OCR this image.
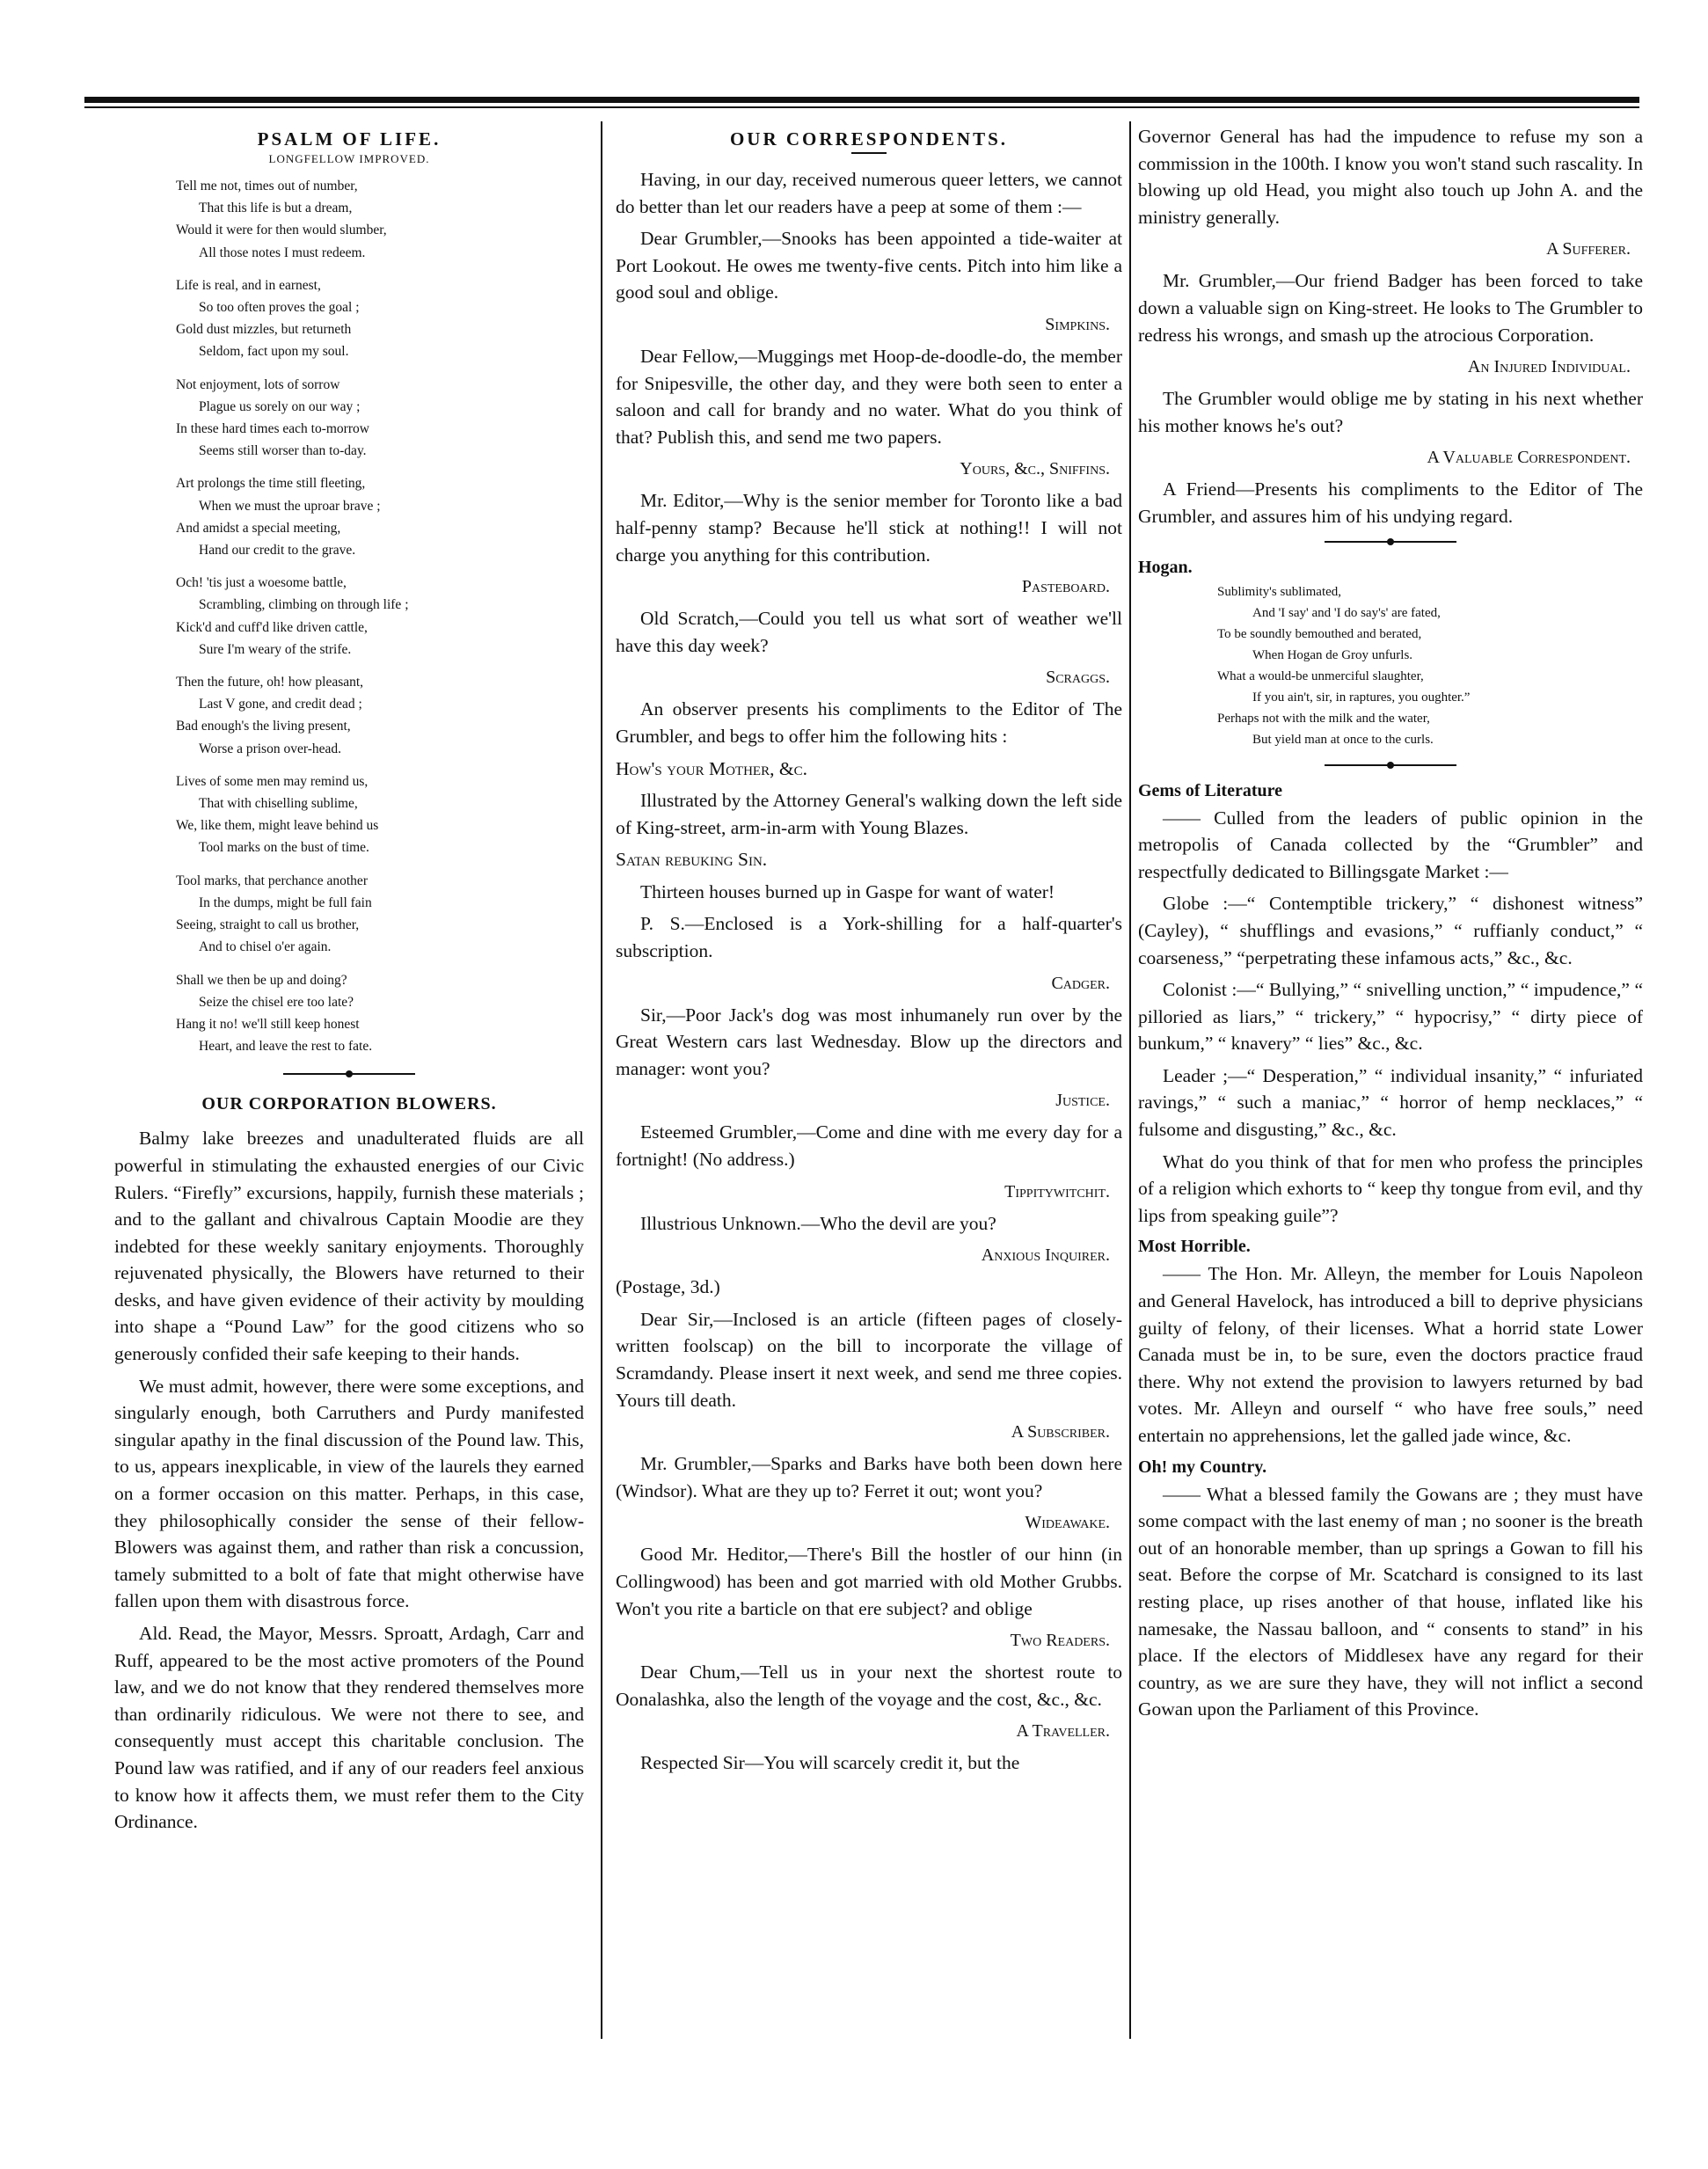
PSALM OF LIFE.
LONGFELLOW IMPROVED.
Tell me not, times out of number,
That this life is but a dream,
Would it were for then would slumber,
All those notes I must redeem.
Life is real, and in earnest,
So too often proves the goal ;
Gold dust mizzles, but returneth
Seldom, fact upon my soul.
Not enjoyment, lots of sorrow
Plague us sorely on our way ;
In these hard times each to-morrow
Seems still worser than to-day.
Art prolongs the time still fleeting,
When we must the uproar brave ;
And amidst a special meeting,
Hand our credit to the grave.
Och! 'tis just a woesome battle,
Scrambling, climbing on through life ;
Kick'd and cuff'd like driven cattle,
Sure I'm weary of the strife.
Then the future, oh! how pleasant,
Last V gone, and credit dead ;
Bad enough's the living present,
Worse a prison over-head.
Lives of some men may remind us,
That with chiselling sublime,
We, like them, might leave behind us
Tool marks on the bust of time.
Tool marks, that perchance another
In the dumps, might be full fain
Seeing, straight to call us brother,
And to chisel o'er again.
Shall we then be up and doing?
Seize the chisel ere too late?
Hang it no! we'll still keep honest
Heart, and leave the rest to fate.
OUR CORPORATION BLOWERS.

Balmy lake breezes and unadulterated fluids are all powerful in stimulating the exhausted energies of our Civic Rulers. “Firefly” excursions, happily, furnish these materials ; and to the gallant and chivalrous Captain Moodie are they indebted for these weekly sanitary enjoyments. Thoroughly rejuvenated physically, the Blowers have returned to their desks, and have given evidence of their activity by moulding into shape a “Pound Law” for the good citizens who so generously confided their safe keeping to their hands.

We must admit, however, there were some exceptions, and singularly enough, both Carruthers and Purdy manifested singular apathy in the final discussion of the Pound law. This, to us, appears inexplicable, in view of the laurels they earned on a former occasion on this matter. Perhaps, in this case, they philosophically consider the sense of their fellow-Blowers was against them, and rather than risk a concussion, tamely submitted to a bolt of fate that might otherwise have fallen upon them with disastrous force.

Ald. Read, the Mayor, Messrs. Sproatt, Ardagh, Carr and Ruff, appeared to be the most active promoters of the Pound law, and we do not know that they rendered themselves more than ordinarily ridiculous. We were not there to see, and consequently must accept this charitable conclusion. The Pound law was ratified, and if any of our readers feel anxious to know how it affects them, we must refer them to the City Ordinance.

OUR CORRESPONDENTS.

Having, in our day, received numerous queer letters, we cannot do better than let our readers have a peep at some of them :—

Dear Grumbler,—Snooks has been appointed a tide-waiter at Port Lookout. He owes me twenty-five cents. Pitch into him like a good soul and oblige.

Simpkins.

Dear Fellow,—Muggings met Hoop-de-doodle-do, the member for Snipesville, the other day, and they were both seen to enter a saloon and call for brandy and no water. What do you think of that? Publish this, and send me two papers.

Yours, &c., Sniffins.

Mr. Editor,—Why is the senior member for Toronto like a bad half-penny stamp? Because he'll stick at nothing!! I will not charge you anything for this contribution.

Pasteboard.

Old Scratch,—Could you tell us what sort of weather we'll have this day week?

Scraggs.

An observer presents his compliments to the Editor of The Grumbler, and begs to offer him the following hits :

How's your Mother, &c.

Illustrated by the Attorney General's walking down the left side of King-street, arm-in-arm with Young Blazes.

Satan rebuking Sin.

Thirteen houses burned up in Gaspe for want of water!

P. S.—Enclosed is a York-shilling for a half-quarter's subscription.

Cadger.

Sir,—Poor Jack's dog was most inhumanely run over by the Great Western cars last Wednesday. Blow up the directors and manager: wont you?

Justice.

Esteemed Grumbler,—Come and dine with me every day for a fortnight! (No address.)

Tippitywitchit.

Illustrious Unknown.—Who the devil are you?

Anxious Inquirer.

(Postage, 3d.)

Dear Sir,—Inclosed is an article (fifteen pages of closely-written foolscap) on the bill to incorporate the village of Scramdandy. Please insert it next week, and send me three copies. Yours till death.

A Subscriber.

Mr. Grumbler,—Sparks and Barks have both been down here (Windsor). What are they up to? Ferret it out; wont you?

Wideawake.

Good Mr. Heditor,—There's Bill the hostler of our hinn (in Collingwood) has been and got married with old Mother Grubbs. Won't you rite a barticle on that ere subject? and oblige

Two Readers.

Dear Chum,—Tell us in your next the shortest route to Oonalashka, also the length of the voyage and the cost, &c., &c.

A Traveller.

Respected Sir—You will scarcely credit it, but the

Governor General has had the impudence to refuse my son a commission in the 100th. I know you won't stand such rascality. In blowing up old Head, you might also touch up John A. and the ministry generally.

A Sufferer.

Mr. Grumbler,—Our friend Badger has been forced to take down a valuable sign on King-street. He looks to The Grumbler to redress his wrongs, and smash up the atrocious Corporation.

An Injured Individual.

The Grumbler would oblige me by stating in his next whether his mother knows he's out?

A Valuable Correspondent.

A Friend—Presents his compliments to the Editor of The Grumbler, and assures him of his undying regard.

Hogan.
Sublimity's sublimated,
And 'I say' and 'I do say's' are fated,
To be soundly bemouthed and berated,
When Hogan de Groy unfurls.
What a would-be unmerciful slaughter,
If you ain't, sir, in raptures, you oughter.”
Perhaps not with the milk and the water,
But yield man at once to the curls.
Gems of Literature

—— Culled from the leaders of public opinion in the metropolis of Canada collected by the “Grumbler” and respectfully dedicated to Billingsgate Market :—

Globe :—“ Contemptible trickery,” “ dishonest witness” (Cayley), “ shufflings and evasions,” “ ruffianly conduct,” “ coarseness,” “perpetrating these infamous acts,” &c., &c.

Colonist :—“ Bullying,” “ snivelling unction,” “ impudence,” “ pilloried as liars,” “ trickery,” “ hypocrisy,” “ dirty piece of bunkum,” “ knavery” “ lies” &c., &c.

Leader ;—“ Desperation,” “ individual insanity,” “ infuriated ravings,” “ such a maniac,” “ horror of hemp necklaces,” “ fulsome and disgusting,” &c., &c.

What do you think of that for men who profess the principles of a religion which exhorts to “ keep thy tongue from evil, and thy lips from speaking guile”?

Most Horrible.

—— The Hon. Mr. Alleyn, the member for Louis Napoleon and General Havelock, has introduced a bill to deprive physicians guilty of felony, of their licenses. What a horrid state Lower Canada must be in, to be sure, even the doctors practice fraud there. Why not extend the provision to lawyers returned by bad votes. Mr. Alleyn and ourself “ who have free souls,” need entertain no apprehensions, let the galled jade wince, &c.

Oh! my Country.

—— What a blessed family the Gowans are ; they must have some compact with the last enemy of man ; no sooner is the breath out of an honorable member, than up springs a Gowan to fill his seat. Before the corpse of Mr. Scatchard is consigned to its last resting place, up rises another of that house, inflated like his namesake, the Nassau balloon, and “ consents to stand” in his place. If the electors of Middlesex have any regard for their country, as we are sure they have, they will not inflict a second Gowan upon the Parliament of this Province.
